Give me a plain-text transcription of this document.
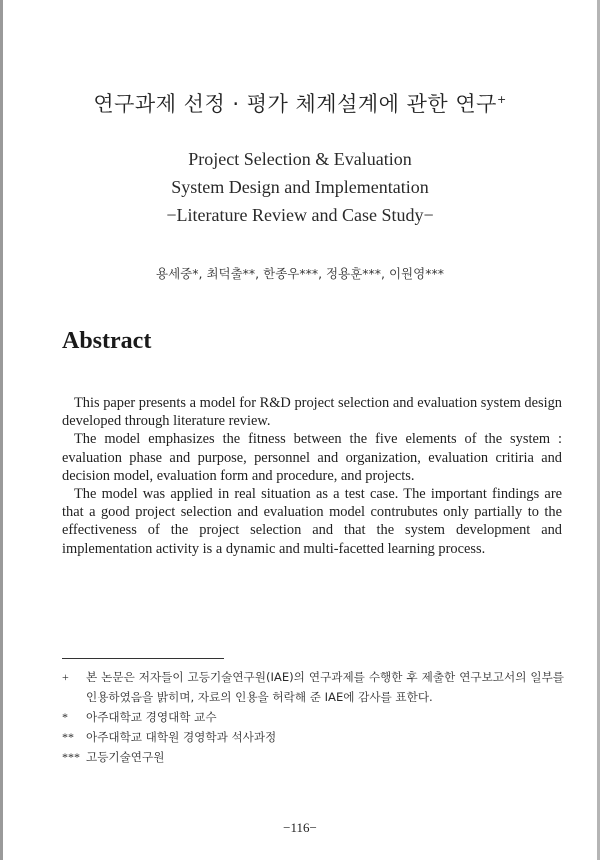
연구과제 선정 · 평가 체계설계에 관한 연구+
Project Selection & Evaluation
System Design and Implementation
−Literature Review and Case Study−
용세중*, 최덕출**, 한종우***, 정용훈***, 이원영***
Abstract

This paper presents a model for R&D project selection and evaluation system design developed through literature review.

The model emphasizes the fitness between the five elements of the system : evaluation phase and purpose, personnel and organization, evaluation critiria and decision model, evaluation form and procedure, and projects.

The model was applied in real situation as a test case. The important findings are that a good project selection and evaluation model contrubutes only partially to the effectiveness of the project selection and that the system development and implementation activity is a dynamic and multi-facetted learning process.

+	본 논문은 저자들이 고등기술연구원(IAE)의 연구과제를 수행한 후 제출한 연구보고서의 일부를 인용하였음을 밝히며, 자료의 인용을 허락해 준 IAE에 감사를 표한다.
*	아주대학교 경영대학 교수
**	아주대학교 대학원 경영학과 석사과정
*** 고등기술연구원
−116−
